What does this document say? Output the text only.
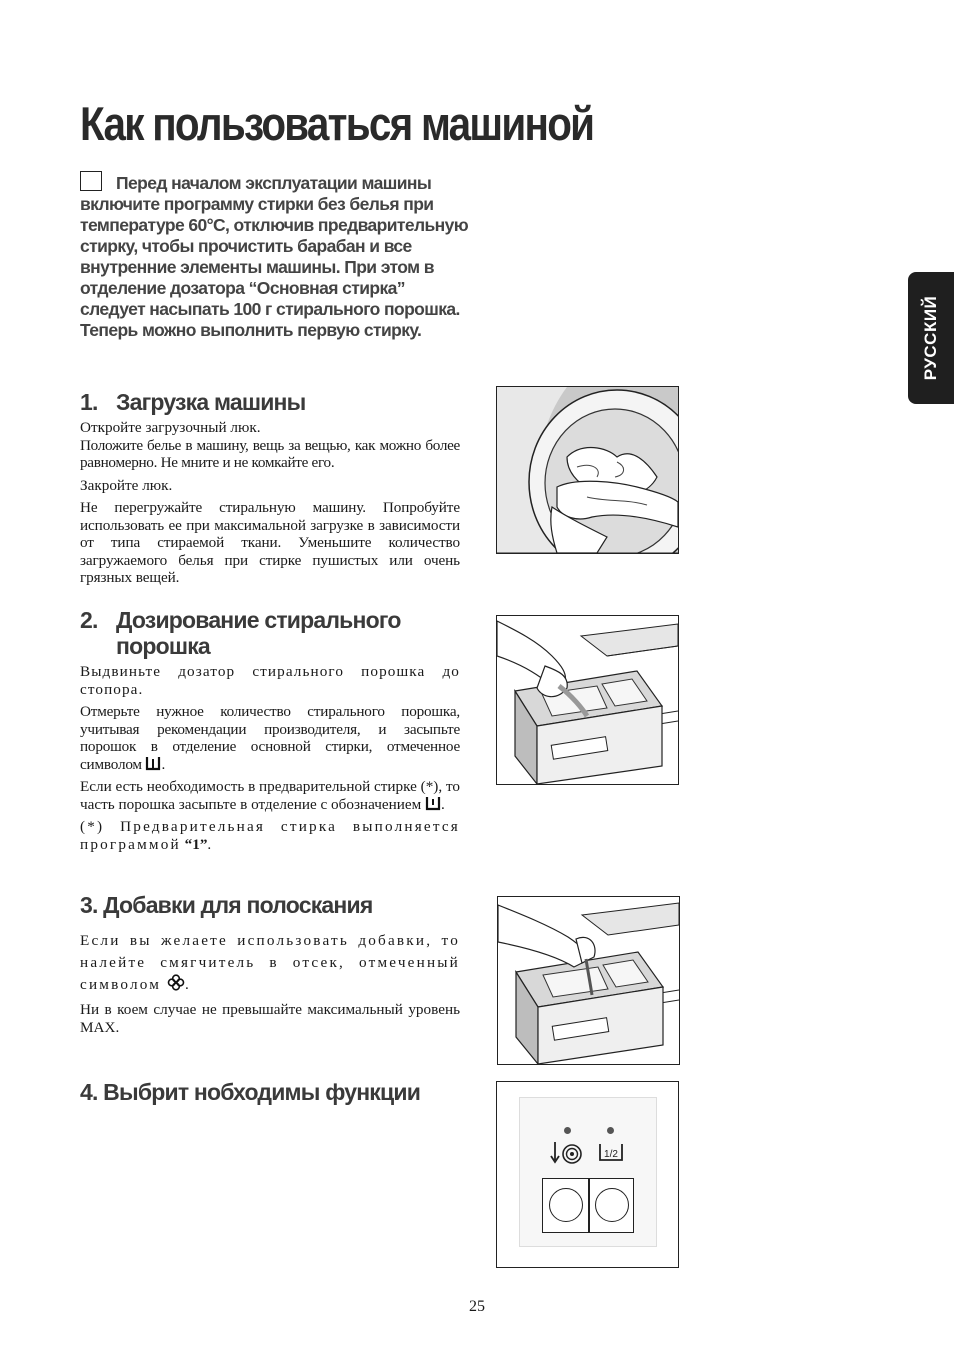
Как пользоваться машиной
РУССКИЙ
Перед началом эксплуатации машины включите программу стирки без белья при температуре 60°С, отключив предварительную стирку, чтобы прочистить барабан и все внутренние элементы машины. При этом в отделение дозатора “Основная стирка” следует насыпать 100 г стирального порошка. Теперь можно выполнить первую стирку.
1. Загрузка машины
Откройте загрузочный люк.

Положите белье в машину, вещь за вещью, как можно более равномерно. Не мните и не комкайте его.

Закройте люк.

Не перегружайте стиральную машину. Попробуйте использовать ее при максимальной загрузке в зависимости от типа стираемой ткани. Уменьшите количество загружаемого белья при стирке пушистых или очень грязных вещей.

2. Дозирование стирального
порошка

Выдвиньте дозатор стирального порошка до стопора.

Отмерьте нужное количество стирального порошка, учитывая рекомендации производителя, и засыпьте порошок в отделение основной стирки, отмеченное символом .

Если есть необходимость в предварительной стирке (*), то часть порошка засыпьте в отделение с обозначением .

(*) Предварительная стирка выполняется программой “1”.

3. Добавки для полоскания

Если вы желаете использовать добавки, то налейте смягчитель в отсек, отмеченный символом .

Ни в коем случае не превышайте максимальный уровень MAX.

4. Выбрит нобходимы функции
1/2
25
